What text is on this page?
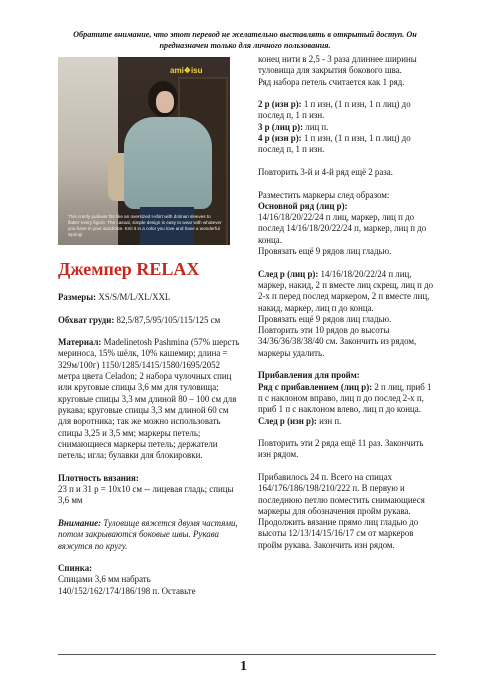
Обратите внимание, что этот перевод не желательно выставлять в открытый доступ. Он
предназначен только для личного пользования.
ami❖isu
This comfy pullover fits like an oversized t-shirt with dolman sleeves to flatter every figure. The casual, simple design is easy to wear with whatever you have in your wardrobe. Knit it in a color you love and have a wonderful Spring!
Джемпер RELAX

Размеры: XS/S/M/L/XL/XXL

Обхват груди: 82,5/87,5/95/105/115/125 см

Материал: Madelinetosh Pashmina (57% шерсть мериноса, 15% шёлк, 10% кашемир; длина = 329м/100г) 1150/1285/1415/1580/1695/2052 метра цвета Celadon; 2 набора чулочных спиц или круговые спицы 3,6 мм для туловища; круговые спицы 3,3 мм длиной 80 – 100 см для рукава; круговые спицы 3,3 мм длиной 60 см для воротника; так же можно использовать спицы 3,25 и 3,5 мм; маркеры петель; снимающиеся маркеры петель; держатели петель; игла; булавки для блокировки.

Плотность вязания:

23 п и 31 р = 10х10 см -- лицевая гладь; спицы 3,6 мм

Внимание: Туловище вяжется двумя частями, потом закрываются боковые швы. Рукава вяжутся по кругу.

Спинка:

Спицами 3,6 мм набрать 140/152/162/174/186/198 п. Оставьте

конец нити в 2,5 - 3 раза длиннее ширины туловища для закрытия бокового шва.

Ряд набора петель считается как 1 ряд.

2 р (изн р): 1 п изн, (1 п изн, 1 п лиц) до послед п, 1 п изн.

3 р (лиц р): лиц п.

4 р (изн р): 1 п изн, (1 п изн, 1 п лиц) до послед п, 1 п изн.

Повторить 3-й и 4-й ряд ещё 2 раза.

Разместить маркеры след образом:

Основной ряд (лиц р):

14/16/18/20/22/24 п лиц, маркер, лиц п до послед 14/16/18/20/22/24 п, маркер, лиц п до конца.

Провязать ещё 9 рядов лиц гладью.

След р (лиц р): 14/16/18/20/22/24 п лиц, маркер, накид, 2 п вместе лиц скрещ, лиц п до 2-х п перед послед маркером, 2 п вместе лиц, накид, маркер, лиц п до конца.

Провязать ещё 9 рядов лиц гладью.

Повторить эти 10 рядов до высоты 34/36/36/38/38/40 см. Закончить из рядом, маркеры удалить.

Прибавления для пройм:

Ряд с прибавлением (лиц р): 2 п лиц, приб 1 п с наклоном вправо, лиц п до послед 2-х п, приб 1 п с наклоном влево, лиц п до конца.

След р (изн р): изн п.

Повторить эти 2 ряда ещё 11 раз. Закончить изн рядом.

Прибавилось 24 п. Всего на спицах 164/176/186/198/210/222 п. В первую и последнюю петлю поместить снимающиеся маркеры для обозначения пройм рукава.

Продолжить вязание прямо лиц гладью до высоты 12/13/14/15/16/17 см от маркеров пройм рукава. Закончить изн рядом.

1
